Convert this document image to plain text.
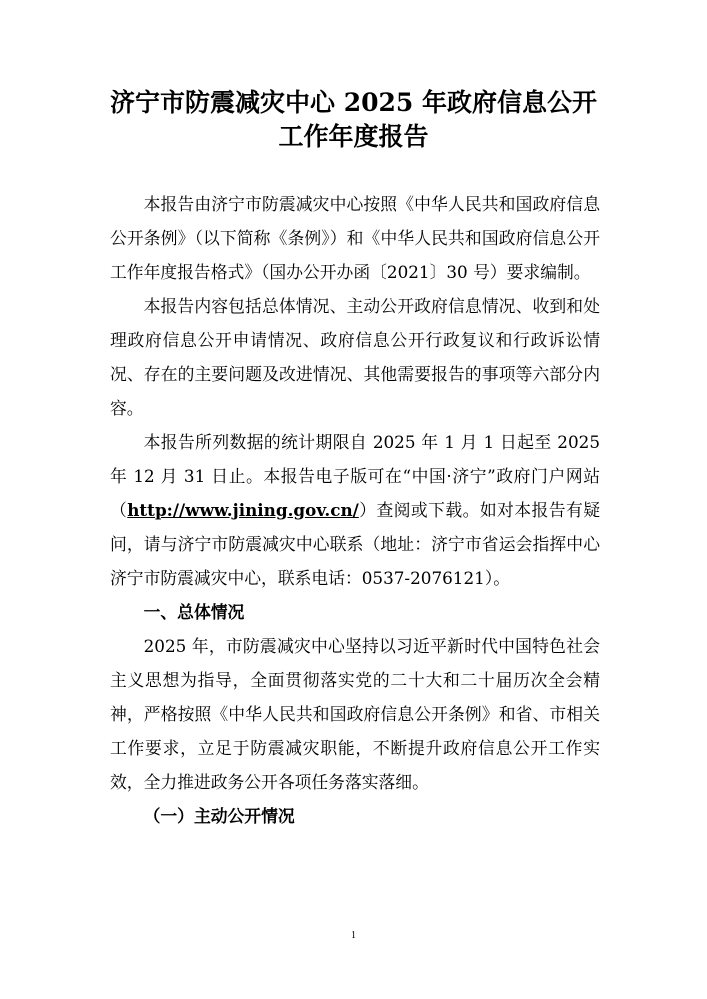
济宁市防震减灾中心 2025 年政府信息公开
工作年度报告

本报告由济宁市防震减灾中心按照《中华人民共和国政府信息公开条例》（以下简称《条例》）和《中华人民共和国政府信息公开工作年度报告格式》（国办公开办函〔2021〕30 号）要求编制。

本报告内容包括总体情况、主动公开政府信息情况、收到和处理政府信息公开申请情况、政府信息公开行政复议和行政诉讼情况、存在的主要问题及改进情况、其他需要报告的事项等六部分内容。

本报告所列数据的统计期限自 2025 年 1 月 1 日起至 2025 年 12 月 31 日止。本报告电子版可在“中国·济宁”政府门户网站（http://www.jining.gov.cn/）查阅或下载。如对本报告有疑问，请与济宁市防震减灾中心联系（地址：济宁市省运会指挥中心济宁市防震减灾中心，联系电话：0537-2076121）。

一、总体情况

2025 年，市防震减灾中心坚持以习近平新时代中国特色社会主义思想为指导，全面贯彻落实党的二十大和二十届历次全会精神，严格按照《中华人民共和国政府信息公开条例》和省、市相关工作要求，立足于防震减灾职能，不断提升政府信息公开工作实效，全力推进政务公开各项任务落实落细。

（一）主动公开情况

1
